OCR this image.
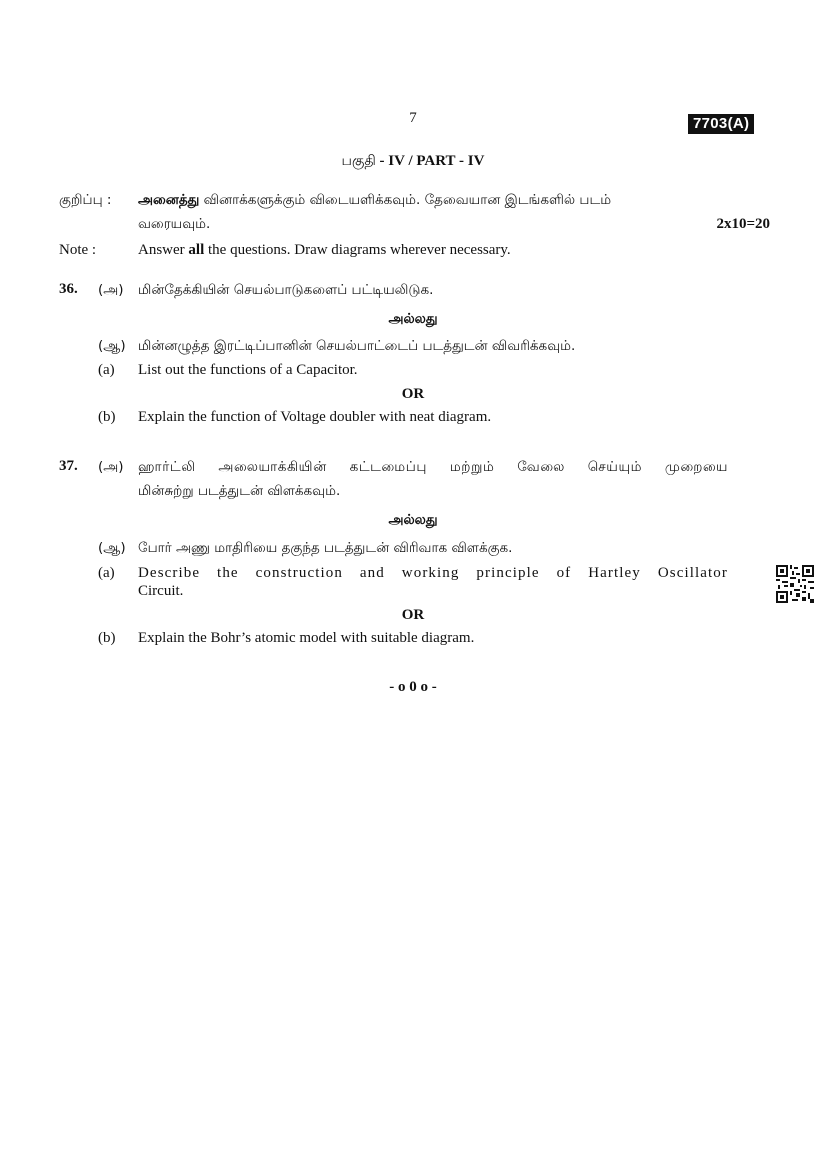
7	7703(A)
பகுதி - IV / PART - IV
குறிப்பு : அனைத்து வினாக்களுக்கும் விடையளிக்கவும். தேவையான இடங்களில் படம்
வரையவும்.	2x10=20
Note :	Answer all the questions. Draw diagrams wherever necessary.
36. (அ) மின்தேக்கியின் செயல்பாடுகளைப் பட்டியலிடுக.
அல்லது
(ஆ) மின்னழுத்த இரட்டிப்பானின் செயல்பாட்டைப் படத்துடன் விவரிக்கவும்.
(a) List out the functions of a Capacitor.
OR
(b) Explain the function of Voltage doubler with neat diagram.
37. (அ) ஹார்ட்லி அலையாக்கியின் கட்டமைப்பு மற்றும் வேலை செய்யும் முறையை
மின்சுற்று படத்துடன் விளக்கவும்.
அல்லது
(ஆ) போர் அணு மாதிரியை தகுந்த படத்துடன் விரிவாக விளக்குக.
(a) Describe the construction and working principle of Hartley Oscillator
Circuit.
OR
(b) Explain the Bohr’s atomic model with suitable diagram.
- o 0 o -
